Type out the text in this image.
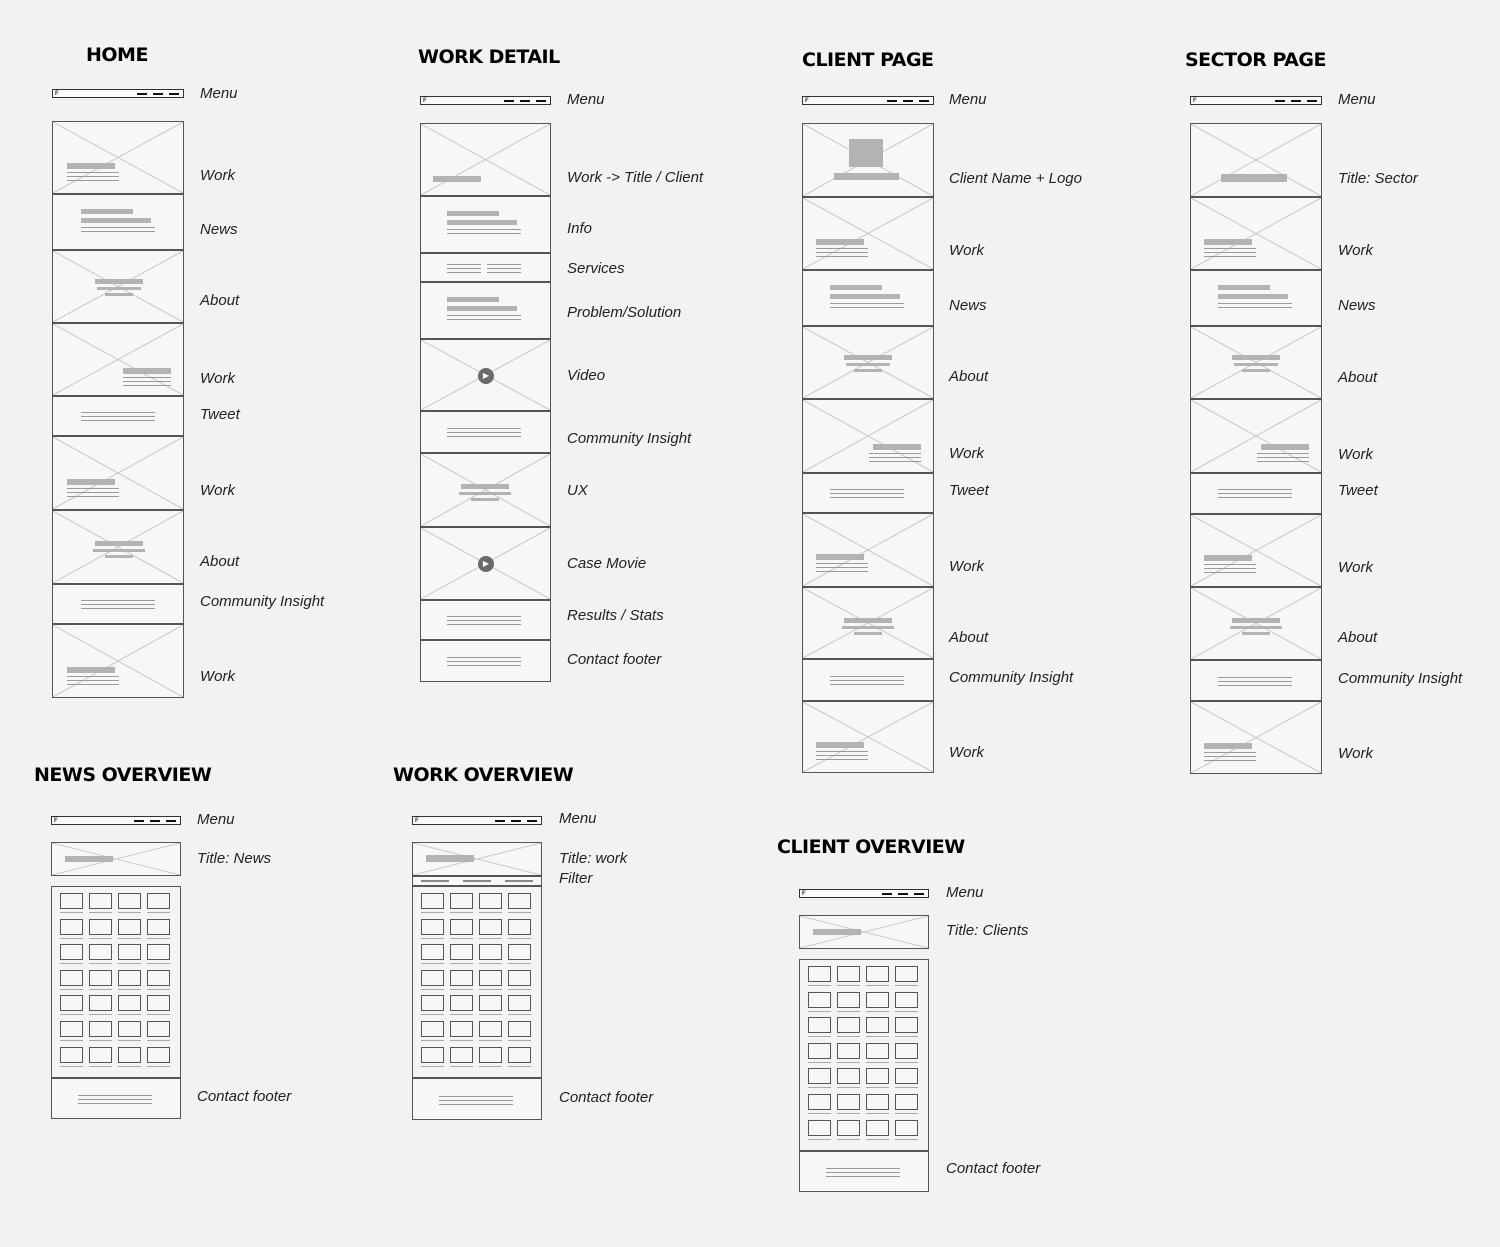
HOME	WORK DETAIL	CLIENT PAGE	SECTOR PAGE
NEWS OVERVIEW	WORK OVERVIEW
CLIENT OVERVIEW
F	Menu
Work
News
About
Work
Tweet
Work
About
Community Insight
Work
F	Menu
Work -> Title / Client
Info
Services
Problem/Solution
▶	Video
Community Insight
UX
▶	Case Movie
Results / Stats
Contact footer
F	Menu
Client Name + Logo
Work
News
About
Work
Tweet
Work
About
Community Insight
Work
F	Menu
Title: Sector
Work
News
About
Work
Tweet
Work
About
Community Insight
Work
F	Menu
Title: News
Contact footer
F	Menu
Title: work
Filter
Contact footer
F	Menu
Title: Clients
Contact footer
